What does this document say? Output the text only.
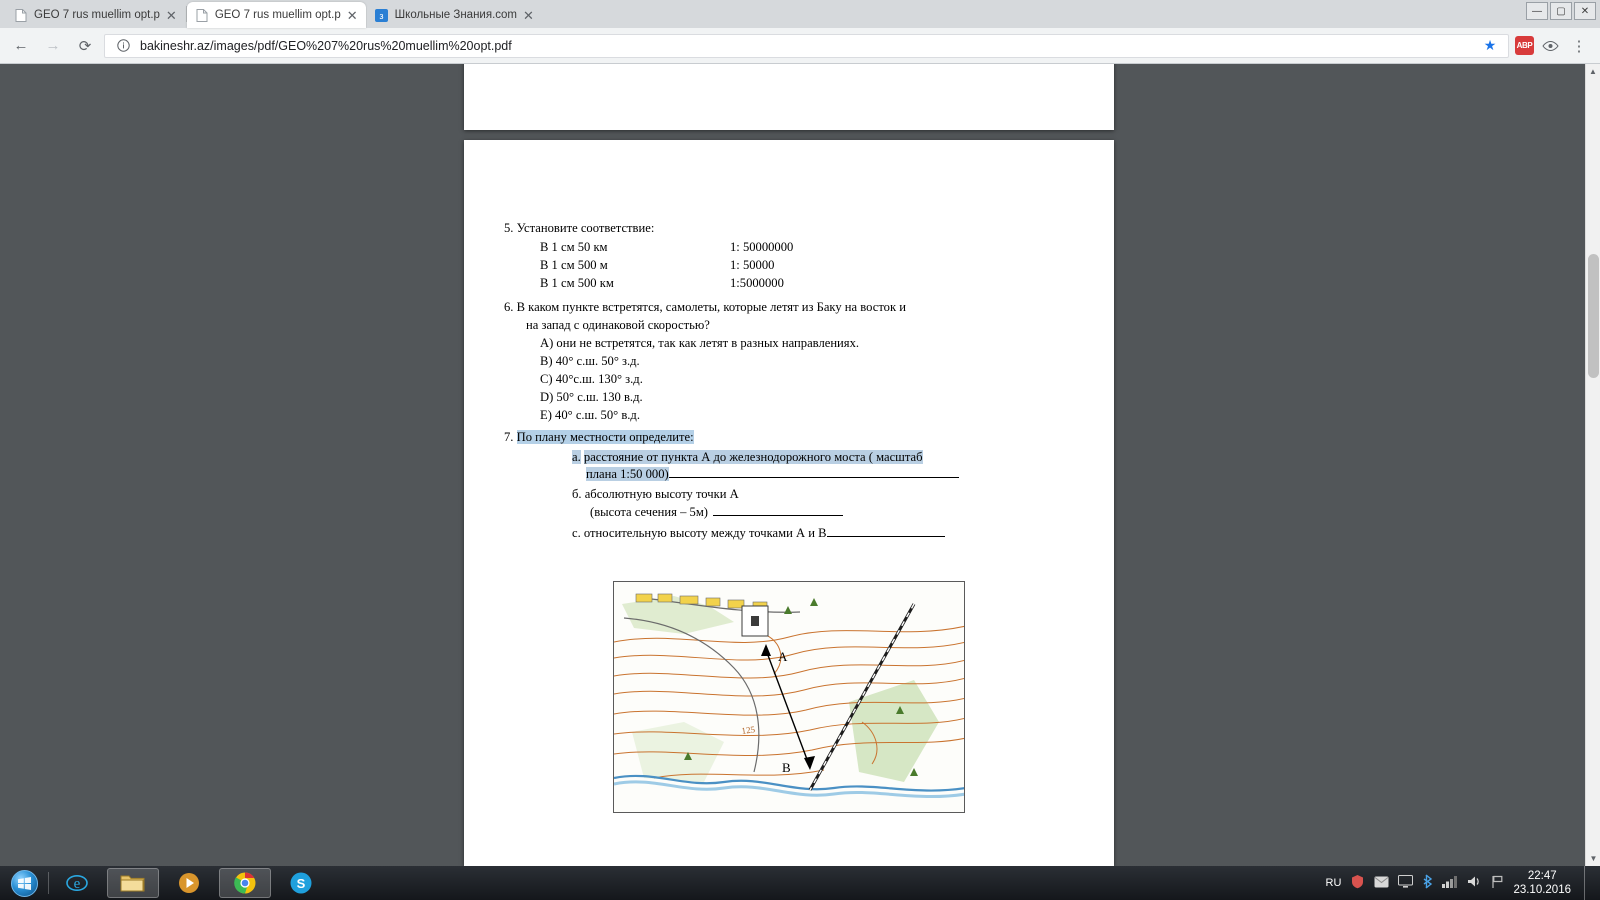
GEO 7 rus muellim opt.p ✕	GEO 7 rus muellim opt.p ✕ з Школьные Знания.com ✕	—	▢	✕
←	→	⟳	bakineshr.az/images/pdf/GEO%207%20rus%20muellim%20opt.pdf	★	ABP	⋮
5. Установите соответствие:
В 1 см 50 км	1: 50000000
В 1 см 500 м	1: 50000
В 1 см 500 км	1:5000000
6. В каком пункте встретятся, самолеты, которые летят из Баку на восток и
на запад с одинаковой скоростью?
А) они не встретятся, так как летят в разных направлениях.
В) 40° с.ш. 50° з.д.
С) 40°с.ш. 130° з.д.
D) 50° с.ш. 130 в.д.
Е) 40° с.ш. 50° в.д.
7. По плану местности определите:
а. расстояние от пункта А до железнодорожного моста ( масштаб
плана 1:50 000)
б. абсолютную высоту точки А
(высота сечения – 5м)
с. относительную высоту между точками А и В
125
А
В
▲
▼
e	S	RU
22:47
23.10.2016
